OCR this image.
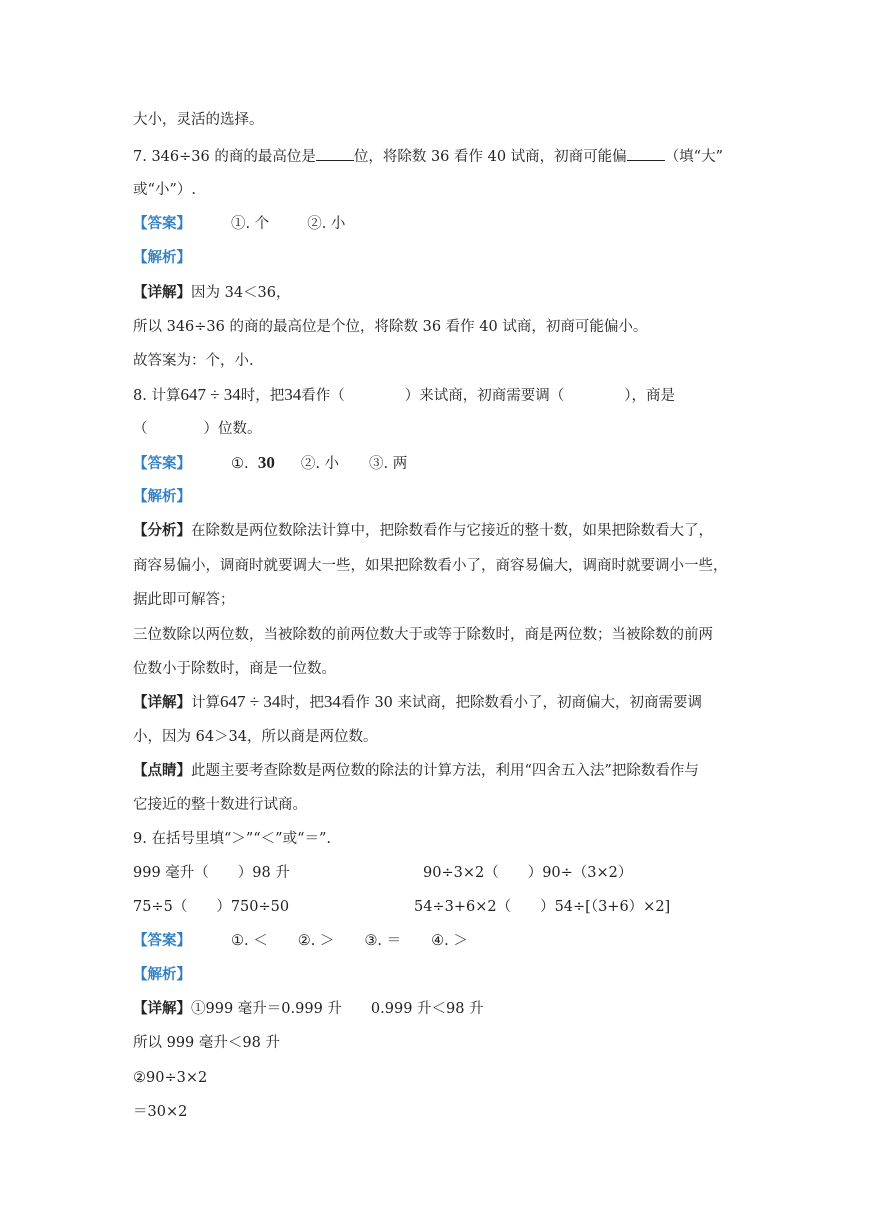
大小，灵活的选择。
7. 346÷36 的商的最高位是	位，将除数 36 看作 40 试商，初商可能偏	（填“大”
或“小”）.
【答案】	①. 个	②. 小
【解析】
【详解】因为 34＜36，
所以 346÷36 的商的最高位是个位，将除数 36 看作 40 试商，初商可能偏小。
故答案为：个，小.
8. 计算647 ÷ 34时，把34看作（	）来试商，初商需要调（	），商是
（	）位数。
【答案】	①. 30 ②. 小 ③. 两
【解析】
【分析】在除数是两位数除法计算中，把除数看作与它接近的整十数，如果把除数看大了，
商容易偏小，调商时就要调大一些，如果把除数看小了，商容易偏大，调商时就要调小一些，
据此即可解答；
三位数除以两位数，当被除数的前两位数大于或等于除数时，商是两位数；当被除数的前两
位数小于除数时，商是一位数。
【详解】计算647 ÷ 34时，把34看作 30 来试商，把除数看小了，初商偏大，初商需要调
小，因为 64＞34，所以商是两位数。
【点睛】此题主要考查除数是两位数的除法的计算方法，利用“四舍五入法”把除数看作与
它接近的整十数进行试商。
9. 在括号里填“＞”“＜”或“＝”.
999 毫升（　　）98 升	90÷3×2（　　）90÷（3×2）
75÷5（　　）750÷50	54÷3+6×2（　　）54÷[（3+6）×2]
【答案】	①. ＜ ②. ＞ ③. ＝ ④. ＞
【解析】
【详解】①999 毫升＝0.999 升　　0.999 升＜98 升
所以 999 毫升＜98 升
②90÷3×2
＝30×2
